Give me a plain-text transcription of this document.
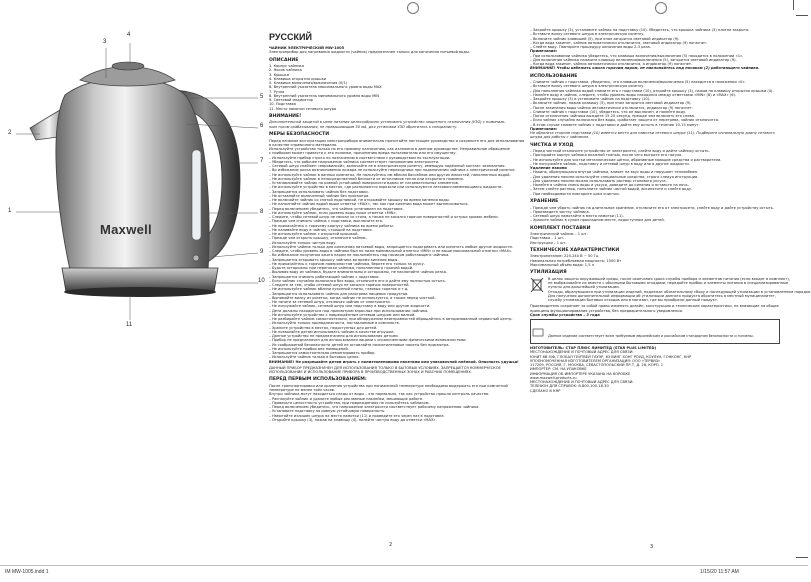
Maxwell
3
4
5
6
7
8
9
10
11
2
1
РУССКИЙ

ЧАЙНИК ЭЛЕКТРИЧЕСКИЙ MW-1005

Электроприбор для нагревания жидкости (чайник) предназначен только для кипячения питьевой воды.

ОПИСАНИЕ

1. Корпус чайника

2. Носик чайника

3. Крышка

4. Клавиша открытия крышки

5. Клавиша включения/выключения (0/1)

6. Внутренний указатель максимального уровня воды MAX

7. Ручка

8. Внутренний указатель минимального уровня воды MIN

9. Световой индикатор

10. Подставка

11. Место намотки сетевого шнура

ВНИМАНИЕ!

Дополнительной защитой в цепи питания целесообразно установить устройство защитного отключения (УЗО) с номиналь-

ным током срабатывания, не превышающим 30 мА, для установки УЗО обратитесь к специалисту.

МЕРЫ БЕЗОПАСНОСТИ

Перед началом эксплуатации электроприбора внимательно прочитайте настоящее руководство и сохраните его для использования

в качестве справочного материала.

Используйте устройство только по его прямому назначению, как изложено в данном руководстве. Неправильное обращение

с прибором может привести к его поломке, причинению вреда пользователю или его имуществу.

– Используйте прибор строго по назначению в соответствии с руководством по эксплуатации.

– Убедитесь, что рабочее напряжение чайника соответствует напряжению электросети.

– Сетевой шнур снабжен «евровилкой»; включайте ее в электрическую розетку, имеющую надёжный контакт заземления.

– Во избежание риска возникновения пожара не используйте переходники при подключении чайника к электрической розетке.

– Не используйте чайник в ванных комнатах. Не пользуйтесь им вблизи бассейнов или других ёмкостей, наполненных водой.

– Не используйте чайник в непосредственной близости от источников тепла или открытого пламени.

– Устанавливайте чайник на ровной устойчивой поверхности вдали от нагревательных элементов.

– Не используйте устройство в местах, где распыляются аэрозоли или используются легковоспламеняющиеся жидкости.

– Запрещается использовать чайник без подставки.

– Не оставляйте включенный чайник без присмотра.

– Не включайте чайник со снятой подставкой, не открывайте крышку во время кипения воды.

– Не наполняйте чайник водой выше отметки «MAX», так как при кипении вода может выплескиваться.

– Перед включением убедитесь, что чайник установлен на подставке.

– Не используйте чайник, если уровень воды ниже отметки «MIN».

– Следите, чтобы сетевой шнур не свисал со стола, а также не касался горячих поверхностей и острых кромок мебели.

– Прежде чем снимать чайник с подставки, выключите его.

– Не прикасайтесь к горячему корпусу чайника во время работы.

– Не наливайте воду в чайник, стоящий на подставке.

– Не используйте чайник с открытой крышкой.

– Прежде чем открыть крышку, отключите чайник.

– Используйте только чистую воду.

– Используйте чайник только для кипячения питьевой воды, запрещается подогревать или кипятить любые другие жидкости.

– Следите, чтобы уровень воды в чайнике был не ниже минимальной отметки «MIN» и не выше максимальной отметки «MAX».

– Во избежание получения ожога паром не наклоняйтесь над носиком работающего чайника.

– Запрещается открывать крышку чайника во время кипения воды.

– Не прикасайтесь к горячим поверхностям чайника, берите его только за ручку.

– Будьте осторожны при переноске чайника, наполненного горячей водой.

– Выливая воду из чайника, будьте внимательны и осторожны, не наклоняйте чайник резко.

– Запрещается снимать работающий чайник с подставки.

– Если чайник случайно включился без воды, отключите его и дайте ему полностью остыть.

– Следите за тем, чтобы сетевой шнур не касался горячих поверхностей.

– Не используйте чайник вблизи кухонной плиты, газовых горелок и т.д.

– Запрещается использовать чайник для разогрева пищевых продуктов.

– Вынимайте вилку из розетки, когда чайник не используется, а также перед чисткой.

– Не тяните за сетевой шнур, отключая чайник от электросети.

– Не погружайте чайник, сетевой шнур или подставку в воду или другие жидкости.

– Дети должны находиться под присмотром взрослых при использовании чайника.

– Не используйте устройство с повреждённым сетевым шнуром или вилкой.

– Не разбирайте чайник самостоятельно, при обнаружении неисправностей обращайтесь в авторизованный сервисный центр.

– Используйте только принадлежности, поставляемые в комплекте.

– Храните устройство в местах, недоступных для детей.

– Не позволяйте детям использовать чайник в качестве игрушки.

– Данное устройство не предназначено для использования детьми.

– Прибор не предназначен для использования лицами с ограниченными физическими возможностями.

– Из соображений безопасности детей не оставляйте полиэтиленовые пакеты без присмотра.

– Не используйте прибор вне помещений.

– Запрещается самостоятельно ремонтировать прибор.

– Используйте чайник только в бытовых целях.

ВНИМАНИЕ! Не разрешайте детям играть с полиэтиленовыми пакетами или упаковочной плёнкой. Опасность удушья!

ДАННЫЙ ПРИБОР ПРЕДНАЗНАЧЕН ДЛЯ ИСПОЛЬЗОВАНИЯ ТОЛЬКО В БЫТОВЫХ УСЛОВИЯХ. ЗАПРЕЩАЕТСЯ КОММЕРЧЕСКОЕ ИСПОЛЬЗОВАНИЕ И ИСПОЛЬЗОВАНИЕ ПРИБОРА В ПРОИЗВОДСТВЕННЫХ ЗОНАХ И РАБОЧИХ ПОМЕЩЕНИЯХ.

ПЕРЕД ПЕРВЫМ ИСПОЛЬЗОВАНИЕМ:

После транспортировки или хранения устройства при пониженной температуре необходимо выдержать его при комнатной

температуре не менее трёх часов.

Внутри чайника могут находиться следы от воды – это нормально, так как устройство прошло контроль качества.

– Распакуйте чайник и удалите любые рекламные наклейки, мешающие работе.

– Проверьте целостность устройства, при повреждениях не пользуйтесь чайником.

– Перед включением убедитесь, что напряжение электросети соответствует рабочему напряжению чайника.

– Установите подставку на ровную устойчивую поверхность.

– Намотайте излишек шнура на место намотки (11) и проведите его через паз в подставке.

– Откройте крышку (3), нажав на клавишу (4), налейте чистую воду до отметки «MAX».

2

– Закройте крышку (3), установите чайник на подставку (10). Убедитесь, что крышка чайника (3) плотно закрыта.

– Вставьте вилку сетевого шнура в электрическую розетку.

– Включите чайник клавишей (5), при этом загорится световой индикатор (9).

– Когда вода закипит, чайник автоматически отключится, световой индикатор (9) погаснет.

– Слейте воду. Повторите процедуру кипячения воды 2-3 раза.

Примечание:

– При использовании чайника убедитесь, что клавиша включения/выключения (5) находится в положении «1».

– Для включения чайника нажмите клавишу включения/выключения (5), загорится световой индикатор (9).

– Когда вода закипит, чайник автоматически отключится, а индикатор (9) погаснет.

ВНИМАНИЕ! Чтобы избежать ожога горячим паром, не наклоняйтесь над носиком (2) работающего чайника.

ИСПОЛЬЗОВАНИЕ

– Снимите чайник с подставки, убедитесь, что клавиша включения/выключения (5) находится в положении «0».

– Вставьте вилку сетевого шнура в электрическую розетку.

– Для наполнения чайника водой снимите его с подставки (10), откройте крышку (3), нажав на клавишу открытия крышки (4).

– Налейте воду в чайник, следите, чтобы уровень воды находился между отметками «MIN» (8) и «MAX» (6).

– Закройте крышку (3) и установите чайник на подставку (10).

– Включите чайник, нажав клавишу (5), при этом загорится световой индикатор (9).

– После закипания воды чайник автоматически отключится, индикатор (9) погаснет.

– Снимите чайник с подставки (10), убедитесь, что он выключен, и налейте воду.

– После отключения чайника выждите 15-20 секунд, прежде чем включать его снова.

– Если чайник случайно включился без воды, сработает защита от перегрева, чайник отключится.

– В этом случае снимите чайник с подставки и дайте ему остыть в течение 10-15 минут.

Примечание:

Не обратите стороне подставки (10) имеется место для намотки сетевого шнура (11). Подберите оптимальную длину сетевого шнура для работы с чайником.

ЧИСТКА И УХОД

– Перед чисткой отключите устройство от электросети, слейте воду и дайте чайнику остыть.

– Протирайте корпус чайника влажной тканью, после чего вытрите его насухо.

– Не используйте для чистки металлические щётки, абразивные моющие средства и растворители.

– Не погружайте чайник, подставку и сетевой шнур в воду или в другие жидкости.

Удаление накипи

– Накипь, образующаяся внутри чайника, влияет на вкус воды и нарушает теплообмен.

– Для удаления накипи используйте специальные средства, строго следуя инструкции.

– Для удаления накипи можно использовать раствор столового уксуса.

– Налейте в чайник смесь воды и уксуса, доведите до кипения и оставьте на ночь.

– Затем слейте раствор, наполните чайник чистой водой, вскипятите и слейте воду.

– При необходимости повторите цикл очистки.

ХРАНЕНИЕ

– Прежде чем убрать чайник на длительное хранение, отключите его от электросети, слейте воду и дайте устройству остыть.

– Произведите чистку чайника.

– Сетевой шнур намотайте в место намотки (11).

– Храните чайник в сухом прохладном месте, недоступном для детей.

КОМПЛЕКТ ПОСТАВКИ

Электрический чайник – 1 шт.

Подставка – 1 шт.

Инструкция – 1 шт.

ТЕХНИЧЕСКИЕ ХАРАКТЕРИСТИКИ

Электропитание: 220-240 В ~ 50 Гц

Номинальная потребляемая мощность: 1500 Вт

Максимальный объём воды: 1,5 л

УТИЛИЗАЦИЯ

В целях защиты окружающей среды, после окончания срока службы прибора и элементов питания (если входят в комплект),

не выбрасывайте их вместе с обычными бытовыми отходами, передайте прибор и элементы питания в специализированные

пункты для дальнейшей утилизации.

Отходы, образующиеся при утилизации изделий, подлежат обязательному сбору и последующей утилизации в установленном порядке.

Для получения дополнительной информации об утилизации данного продукта обратитесь в местный муниципалитет,

службу утилизации бытовых отходов или в магазин, где вы приобрели данный продукт.

Производитель сохраняет за собой право изменять дизайн, конструкцию и технические характеристики, не влияющие на общие принципы функционирования устройства, без предварительного уведомления.

Срок службы устройства – 3 года

Данное изделие соответствует всем требуемым европейским и российским стандартам безопасности и гигиены.

ИЗГОТОВИТЕЛЬ: СТАР ПЛЮС ЛИМИТЕД (STAR PLUS LIMITED)

МЕСТОНАХОЖДЕНИЕ И ПОЧТОВЫЙ АДРЕС ДЛЯ СВЯЗИ:

ЮНИТ 6B 5/Ф, ГЛОБАЛ ГЕЙТВЕЙ ТАУЭР, 63 ВИНГ ХОНГ РОУД, КОУЛУН, ГОНКОНГ, КНР

УПОЛНОМОЧЕННАЯ ИЗГОТОВИТЕЛЕМ ОРГАНИЗАЦИЯ: ООО «ТЕРВИЗ»

117209, РОССИЯ, Г. МОСКВА, СЕВАСТОПОЛЬСКИЙ ПР-Т, Д. 28, КОРП. 1

ИМПОРТЕР: СМ. НА УПАКОВКЕ

ИНФОРМАЦИЯ ОБ ИМПОРТЕРЕ УКАЗАНА НА КОРОБКЕ

www.maxwell-products.ru

МЕСТОНАХОЖДЕНИЕ И ПОЧТОВЫЙ АДРЕС ДЛЯ СВЯЗИ:

ТЕЛЕФОН ДЛЯ СПРАВОК: 8-800-100-18-30

СДЕЛАНО В КНР

3
IM MW-1005.indd 1	1/15/20 11:57 AM
